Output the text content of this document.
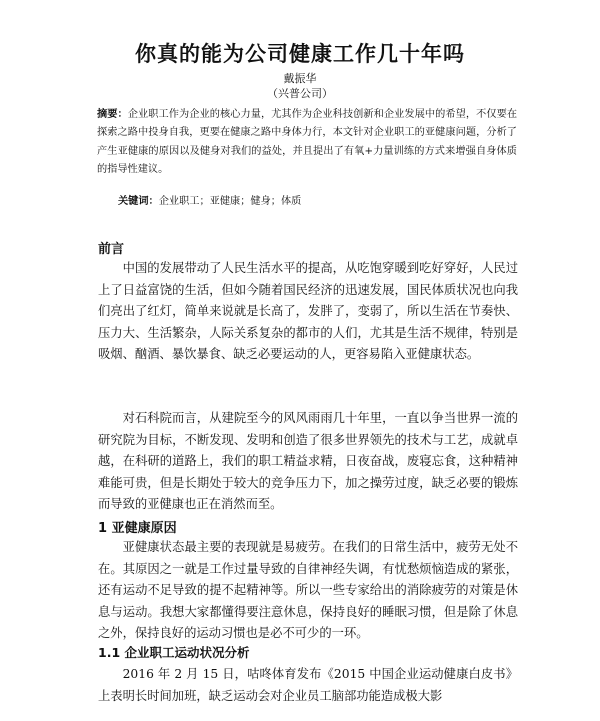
你真的能为公司健康工作几十年吗
戴振华
（兴普公司）
摘要：企业职工作为企业的核心力量，尤其作为企业科技创新和企业发展中的希望，不仅要在探索之路中投身自我，更要在健康之路中身体力行，本文针对企业职工的亚健康问题，分析了产生亚健康的原因以及健身对我们的益处，并且提出了有氧+力量训练的方式来增强自身体质的指导性建议。
关键词：企业职工；亚健康；健身；体质
前言
中国的发展带动了人民生活水平的提高，从吃饱穿暖到吃好穿好，人民过上了日益富饶的生活，但如今随着国民经济的迅速发展，国民体质状况也向我们亮出了红灯，简单来说就是长高了，发胖了，变弱了，所以生活在节奏快、压力大、生活繁杂，人际关系复杂的都市的人们，尤其是生活不规律，特别是吸烟、酗酒、暴饮暴食、缺乏必要运动的人，更容易陷入亚健康状态。
对石科院而言，从建院至今的风风雨雨几十年里，一直以争当世界一流的研究院为目标，不断发现、发明和创造了很多世界领先的技术与工艺，成就卓越，在科研的道路上，我们的职工精益求精，日夜奋战，废寝忘食，这种精神难能可贵，但是长期处于较大的竞争压力下，加之操劳过度，缺乏必要的锻炼而导致的亚健康也正在消然而至。
1 亚健康原因
亚健康状态最主要的表现就是易疲劳。在我们的日常生活中，疲劳无处不在。其原因之一就是工作过量导致的自律神经失调，有忧愁烦恼造成的紧张，还有运动不足导致的提不起精神等。所以一些专家给出的消除疲劳的对策是休息与运动。我想大家都懂得要注意休息，保持良好的睡眠习惯，但是除了休息之外，保持良好的运动习惯也是必不可少的一环。
1.1 企业职工运动状况分析
2016 年 2 月 15 日，咕咚体育发布《2015 中国企业运动健康白皮书》上表明长时间加班，缺乏运动会对企业员工脑部功能造成极大影
